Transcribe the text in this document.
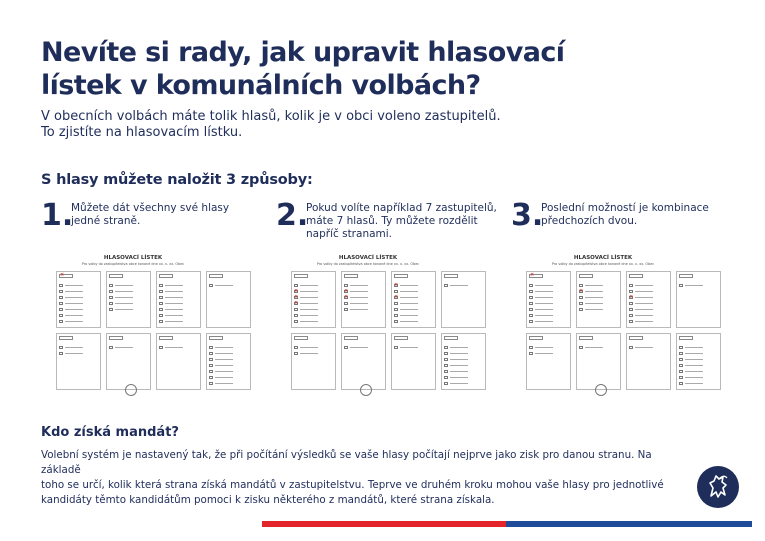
Nevíte si rady, jak upravit hlasovací
lístek v komunálních volbách?
V obecních volbách máte tolik hlasů, kolik je v obci voleno zastupitelů.
To zjistíte na hlasovacím lístku.
S hlasy můžete naložit 3 způsoby:
1.
Můžete dát všechny své hlasy
jedné straně.	2.
Pokud volíte například 7 zastupitelů,
máte 7 hlasů. Ty můžete rozdělit
napříč stranami.
3.
Poslední možností je kombinace
předchozích dvou.
HLASOVACÍ LÍSTEK
Pro volby do zastupitelstva obce konané dne xx. x. xx. Obec
×
HLASOVACÍ LÍSTEK
Pro volby do zastupitelstva obce konané dne xx. x. xx. Obec
×
×
×
×
×
×
×
HLASOVACÍ LÍSTEK
Pro volby do zastupitelstva obce konané dne xx. x. xx. Obec
×
×
×
Kdo získá mandát?
Volební systém je nastavený tak, že při počítání výsledků se vaše hlasy počítají nejprve jako zisk pro danou stranu. Na základě
toho se určí, kolik která strana získá mandátů v zastupitelstvu. Teprve ve druhém kroku mohou vaše hlasy pro jednotlivé
kandidáty těmto kandidátům pomoci k zisku některého z mandátů, které strana získala.
